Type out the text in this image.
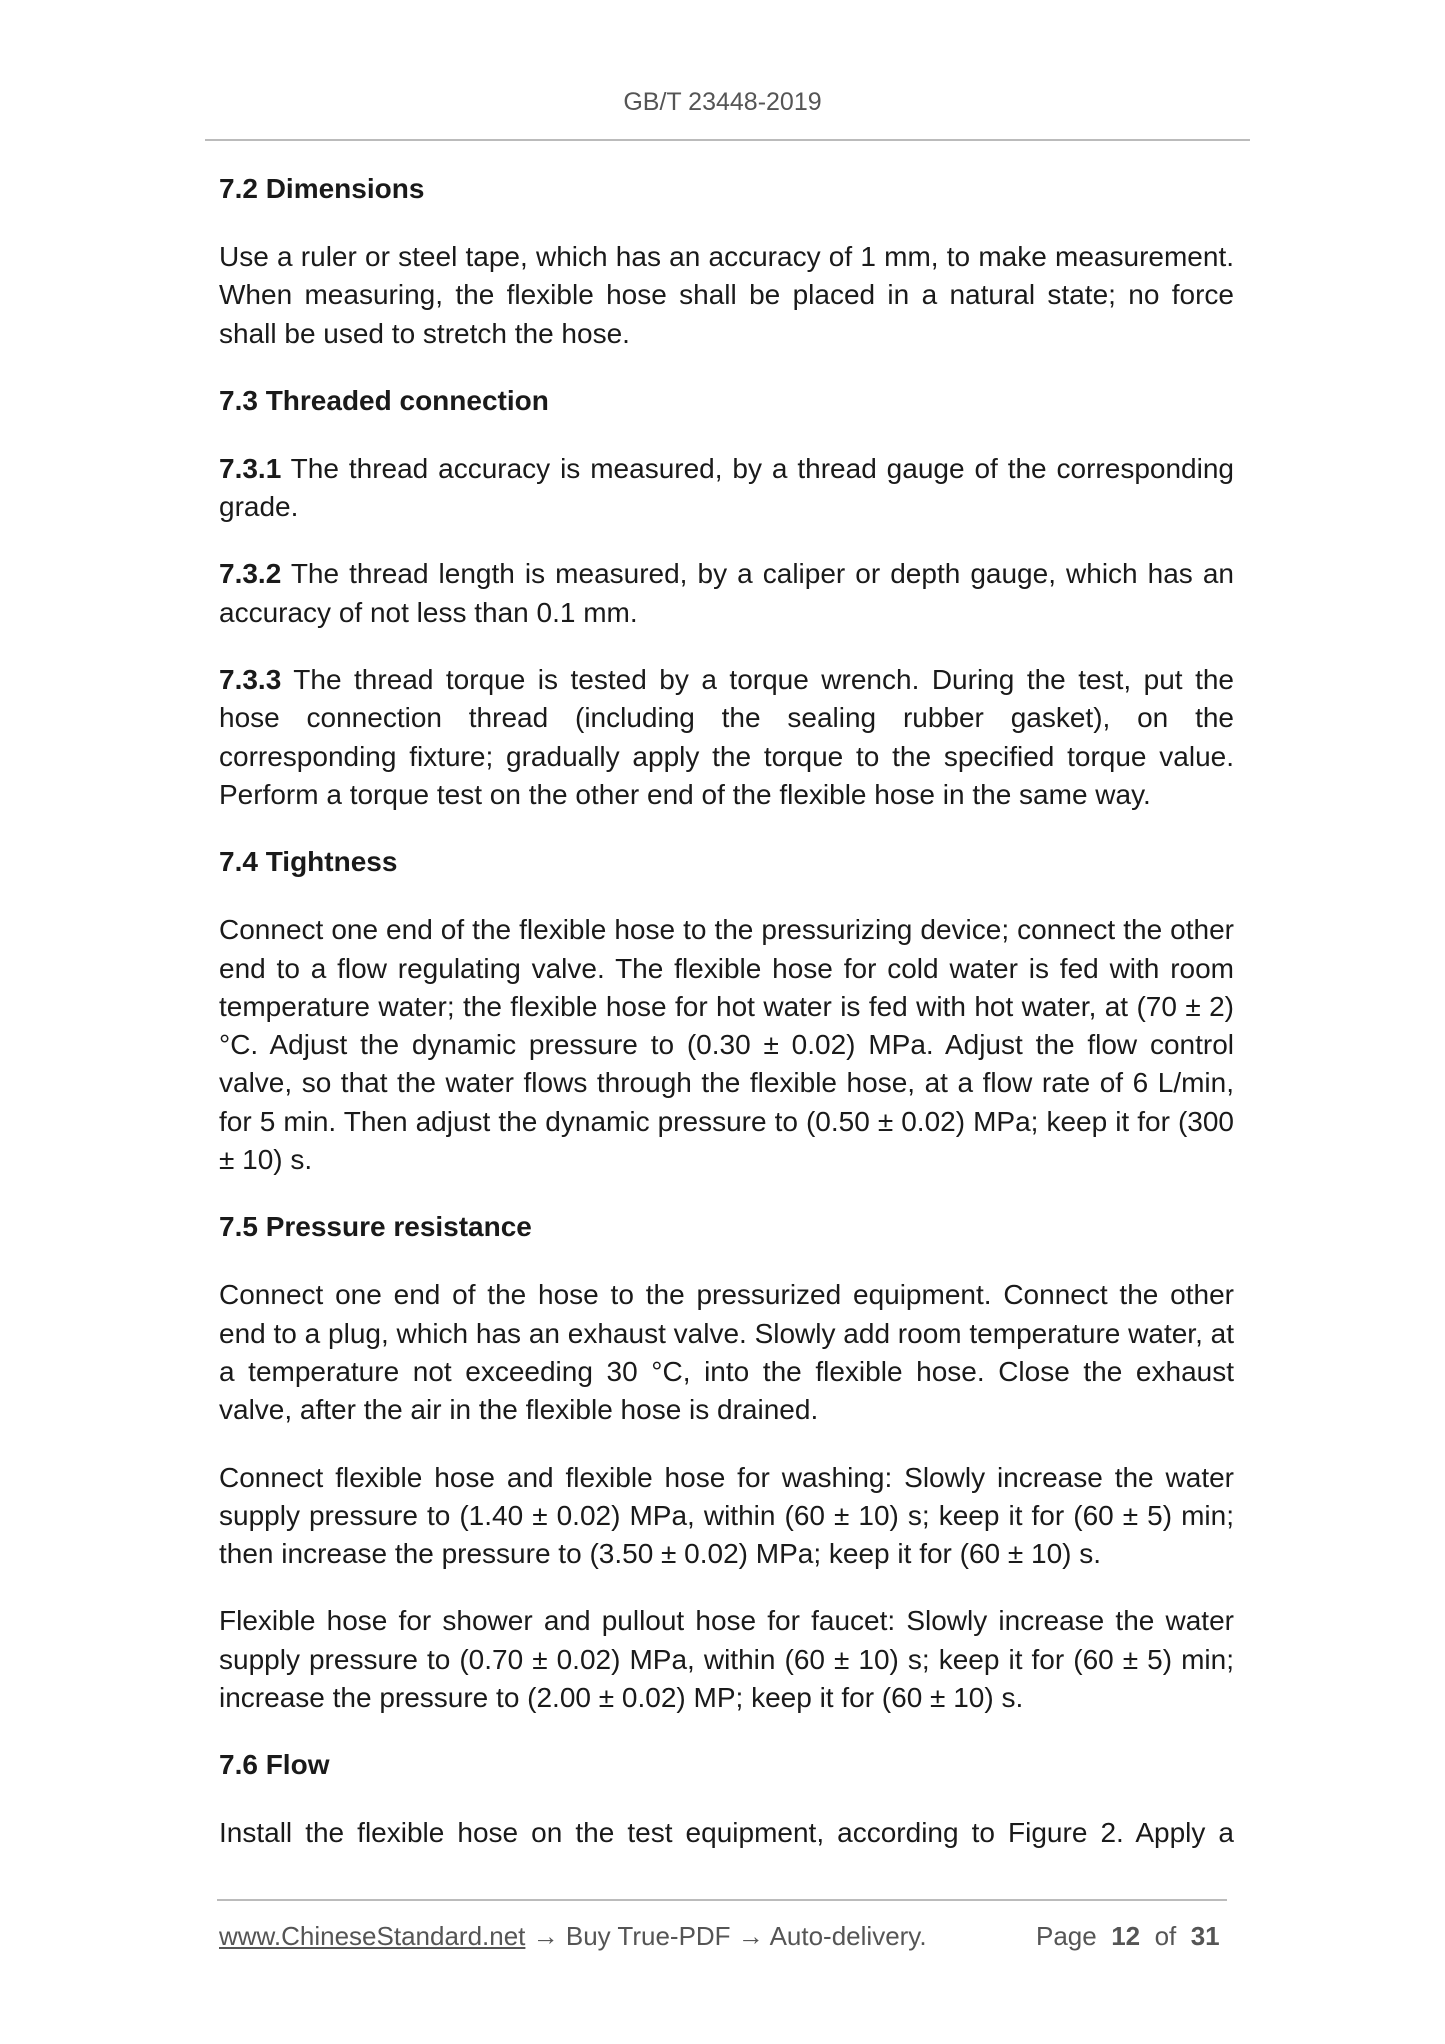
GB/T 23448-2019
7.2 Dimensions

Use a ruler or steel tape, which has an accuracy of 1 mm, to make measurement. When measuring, the flexible hose shall be placed in a natural state; no force shall be used to stretch the hose.

7.3 Threaded connection

7.3.1 The thread accuracy is measured, by a thread gauge of the corresponding grade.

7.3.2 The thread length is measured, by a caliper or depth gauge, which has an accuracy of not less than 0.1 mm.

7.3.3 The thread torque is tested by a torque wrench. During the test, put the hose connection thread (including the sealing rubber gasket), on the corresponding fixture; gradually apply the torque to the specified torque value. Perform a torque test on the other end of the flexible hose in the same way.

7.4 Tightness

Connect one end of the flexible hose to the pressurizing device; connect the other end to a flow regulating valve. The flexible hose for cold water is fed with room temperature water; the flexible hose for hot water is fed with hot water, at (70 ± 2) °C. Adjust the dynamic pressure to (0.30 ± 0.02) MPa. Adjust the flow control valve, so that the water flows through the flexible hose, at a flow rate of 6 L/min, for 5 min. Then adjust the dynamic pressure to (0.50 ± 0.02) MPa; keep it for (300 ± 10) s.

7.5 Pressure resistance

Connect one end of the hose to the pressurized equipment. Connect the other end to a plug, which has an exhaust valve. Slowly add room temperature water, at a temperature not exceeding 30 °C, into the flexible hose. Close the exhaust valve, after the air in the flexible hose is drained.

Connect flexible hose and flexible hose for washing: Slowly increase the water supply pressure to (1.40 ± 0.02) MPa, within (60 ± 10) s; keep it for (60 ± 5) min; then increase the pressure to (3.50 ± 0.02) MPa; keep it for (60 ± 10) s.

Flexible hose for shower and pullout hose for faucet: Slowly increase the water supply pressure to (0.70 ± 0.02) MPa, within (60 ± 10) s; keep it for (60 ± 5) min; increase the pressure to (2.00 ± 0.02) MP; keep it for (60 ± 10) s.

7.6 Flow

Install the flexible hose on the test equipment, according to Figure 2. Apply a

www.ChineseStandard.net → Buy True-PDF → Auto-delivery.	Page 12 of 31
